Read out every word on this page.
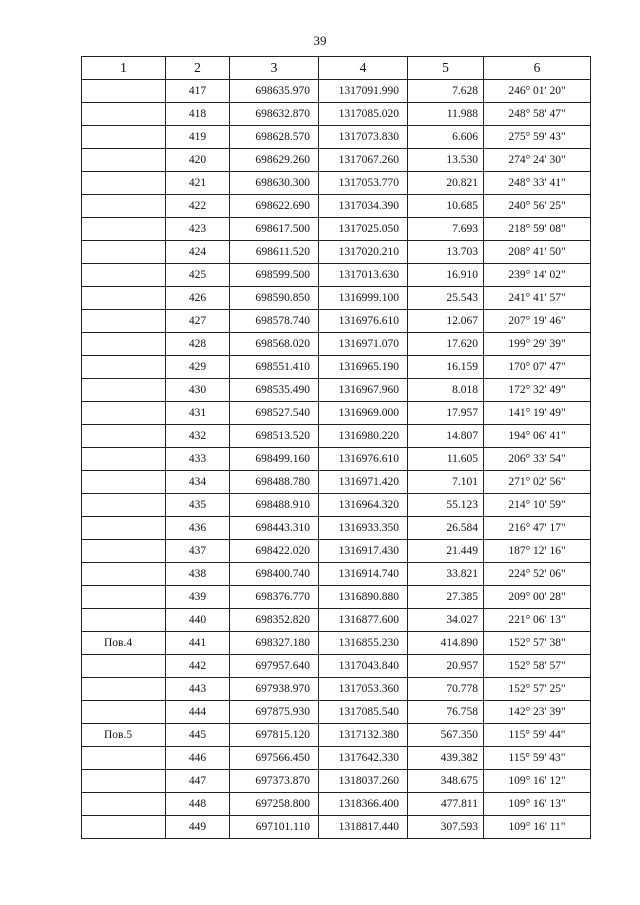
39
1	2	3	4	5	6
	417	698635.970	1317091.990	7.628	246° 01' 20"
	418	698632.870	1317085.020	11.988	248° 58' 47"
	419	698628.570	1317073.830	6.606	275° 59' 43"
	420	698629.260	1317067.260	13.530	274° 24' 30"
	421	698630.300	1317053.770	20.821	248° 33' 41"
	422	698622.690	1317034.390	10.685	240° 56' 25"
	423	698617.500	1317025.050	7.693	218° 59' 08"
	424	698611.520	1317020.210	13.703	208° 41' 50"
	425	698599.500	1317013.630	16.910	239° 14' 02"
	426	698590.850	1316999.100	25.543	241° 41' 57"
	427	698578.740	1316976.610	12.067	207° 19' 46"
	428	698568.020	1316971.070	17.620	199° 29' 39"
	429	698551.410	1316965.190	16.159	170° 07' 47"
	430	698535.490	1316967.960	8.018	172° 32' 49"
	431	698527.540	1316969.000	17.957	141° 19' 49"
	432	698513.520	1316980.220	14.807	194° 06' 41"
	433	698499.160	1316976.610	11.605	206° 33' 54"
	434	698488.780	1316971.420	7.101	271° 02' 56"
	435	698488.910	1316964.320	55.123	214° 10' 59"
	436	698443.310	1316933.350	26.584	216° 47' 17"
	437	698422.020	1316917.430	21.449	187° 12' 16"
	438	698400.740	1316914.740	33.821	224° 52' 06"
	439	698376.770	1316890.880	27.385	209° 00' 28"
	440	698352.820	1316877.600	34.027	221° 06' 13"
Пов.4	441	698327.180	1316855.230	414.890	152° 57' 38"
	442	697957.640	1317043.840	20.957	152° 58' 57"
	443	697938.970	1317053.360	70.778	152° 57' 25"
	444	697875.930	1317085.540	76.758	142° 23' 39"
Пов.5	445	697815.120	1317132.380	567.350	115° 59' 44"
	446	697566.450	1317642.330	439.382	115° 59' 43"
	447	697373.870	1318037.260	348.675	109° 16' 12"
	448	697258.800	1318366.400	477.811	109° 16' 13"
	449	697101.110	1318817.440	307.593	109° 16' 11"
